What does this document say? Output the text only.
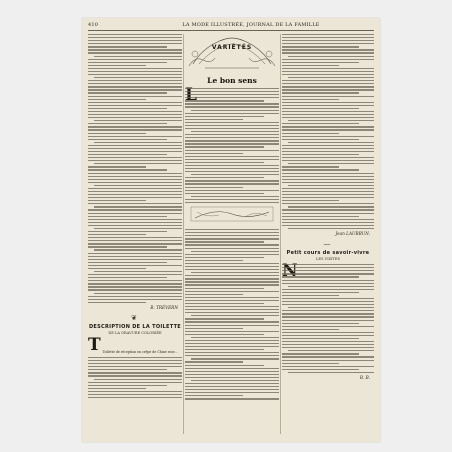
410	LA MODE ILLUSTRÉE, JOURNAL DE LA FAMILLE
B. TRÉVERN
❦
DESCRIPTION DE LA TOILETTE
DE LA GRAVURE COLORIÉE
T Toilette de réception en crêpe de Chine rose...
VARIÉTÉS
Le bon sens
Jean LAUBRUN.
—
Petit cours de savoir-vivre
LES VISITES
B. B.
